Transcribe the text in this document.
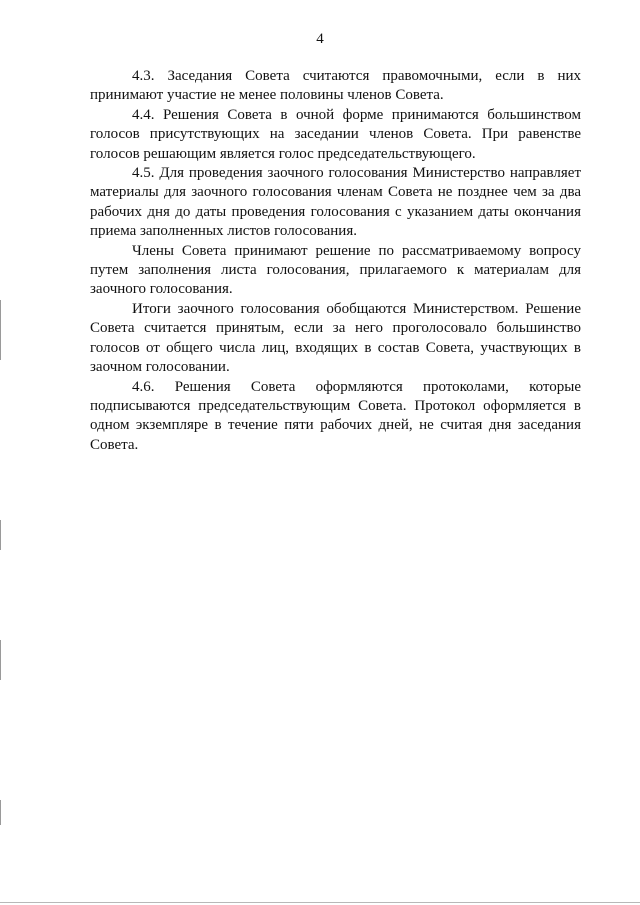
4

4.3. Заседания Совета считаются правомочными, если в них принимают участие не менее половины членов Совета.

4.4. Решения Совета в очной форме принимаются большинством голосов присутствующих на заседании членов Совета. При равенстве голосов решающим является голос председательствующего.

4.5. Для проведения заочного голосования Министерство направляет материалы для заочного голосования членам Совета не позднее чем за два рабочих дня до даты проведения голосования с указанием даты окончания приема заполненных листов голосования.

Члены Совета принимают решение по рассматриваемому вопросу путем заполнения листа голосования, прилагаемого к материалам для заочного голосования.

Итоги заочного голосования обобщаются Министерством. Решение Совета считается принятым, если за него проголосовало большинство голосов от общего числа лиц, входящих в состав Совета, участвующих в заочном голосовании.

4.6. Решения Совета оформляются протоколами, которые подписываются председательствующим Совета. Протокол оформляется в одном экземпляре в течение пяти рабочих дней, не считая дня заседания Совета.
